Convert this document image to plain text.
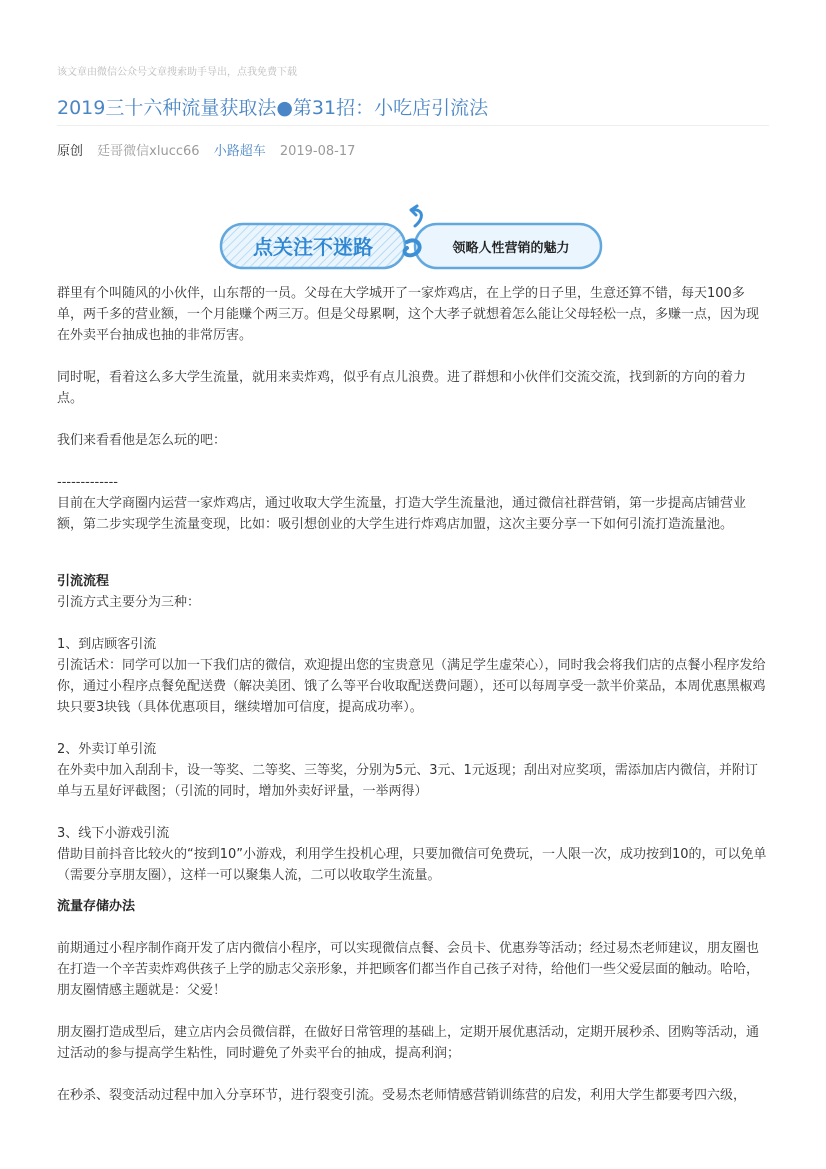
该文章由微信公众号文章搜索助手导出，点我免费下载
2019三十六种流量获取法●第31招：小吃店引流法
原创 廷哥微信xlucc66 小路超车 2019-08-17
点关注不迷路	领略人性营销的魅力

群里有个叫随风的小伙伴，山东帮的一员。父母在大学城开了一家炸鸡店，在上学的日子里，生意还算不错，每天100多单，两千多的营业额，一个月能赚个两三万。但是父母累啊，这个大孝子就想着怎么能让父母轻松一点，多赚一点，因为现在外卖平台抽成也抽的非常厉害。

同时呢，看着这么多大学生流量，就用来卖炸鸡，似乎有点儿浪费。进了群想和小伙伴们交流交流，找到新的方向的着力点。

我们来看看他是怎么玩的吧：

-------------

目前在大学商圈内运营一家炸鸡店，通过收取大学生流量，打造大学生流量池，通过微信社群营销，第一步提高店铺营业额，第二步实现学生流量变现，比如：吸引想创业的大学生进行炸鸡店加盟，这次主要分享一下如何引流打造流量池。

引流流程

引流方式主要分为三种：

1、到店顾客引流

引流话术：同学可以加一下我们店的微信，欢迎提出您的宝贵意见（满足学生虚荣心），同时我会将我们店的点餐小程序发给你，通过小程序点餐免配送费（解决美团、饿了么等平台收取配送费问题），还可以每周享受一款半价菜品，本周优惠黑椒鸡块只要3块钱（具体优惠项目，继续增加可信度，提高成功率）。

2、外卖订单引流

在外卖中加入刮刮卡，设一等奖、二等奖、三等奖，分别为5元、3元、1元返现；刮出对应奖项，需添加店内微信，并附订单与五星好评截图；（引流的同时，增加外卖好评量，一举两得）

3、线下小游戏引流

借助目前抖音比较火的“按到10”小游戏，利用学生投机心理，只要加微信可免费玩，一人限一次，成功按到10的，可以免单（需要分享朋友圈），这样一可以聚集人流，二可以收取学生流量。

流量存储办法

前期通过小程序制作商开发了店内微信小程序，可以实现微信点餐、会员卡、优惠券等活动；经过易杰老师建议，朋友圈也在打造一个辛苦卖炸鸡供孩子上学的励志父亲形象，并把顾客们都当作自己孩子对待，给他们一些父爱层面的触动。哈哈，朋友圈情感主题就是：父爱！

朋友圈打造成型后，建立店内会员微信群，在做好日常管理的基础上，定期开展优惠活动，定期开展秒杀、团购等活动，通过活动的参与提高学生粘性，同时避免了外卖平台的抽成，提高利润；

在秒杀、裂变活动过程中加入分享环节，进行裂变引流。受易杰老师情感营销训练营的启发，利用大学生都要考四六级，
